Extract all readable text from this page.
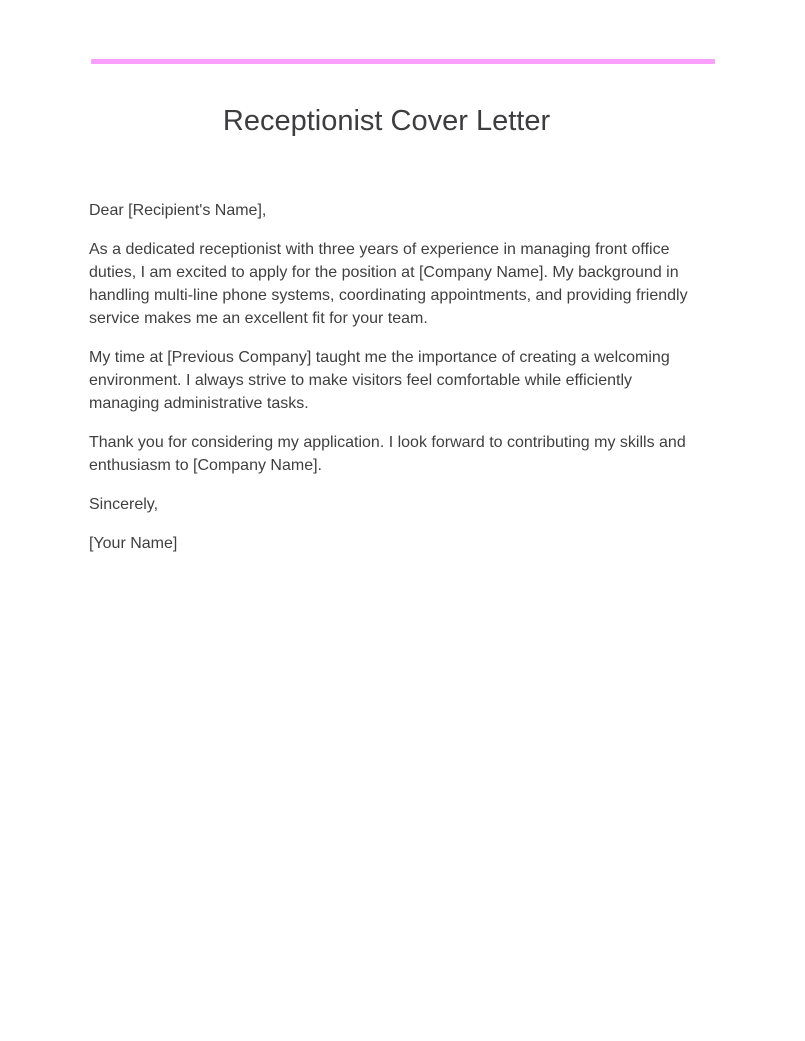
Receptionist Cover Letter

Dear [Recipient's Name],

As a dedicated receptionist with three years of experience in managing front office duties, I am excited to apply for the position at [Company Name]. My background in handling multi-line phone systems, coordinating appointments, and providing friendly service makes me an excellent fit for your team.

My time at [Previous Company] taught me the importance of creating a welcoming environment. I always strive to make visitors feel comfortable while efficiently managing administrative tasks.

Thank you for considering my application. I look forward to contributing my skills and enthusiasm to [Company Name].

Sincerely,

[Your Name]
